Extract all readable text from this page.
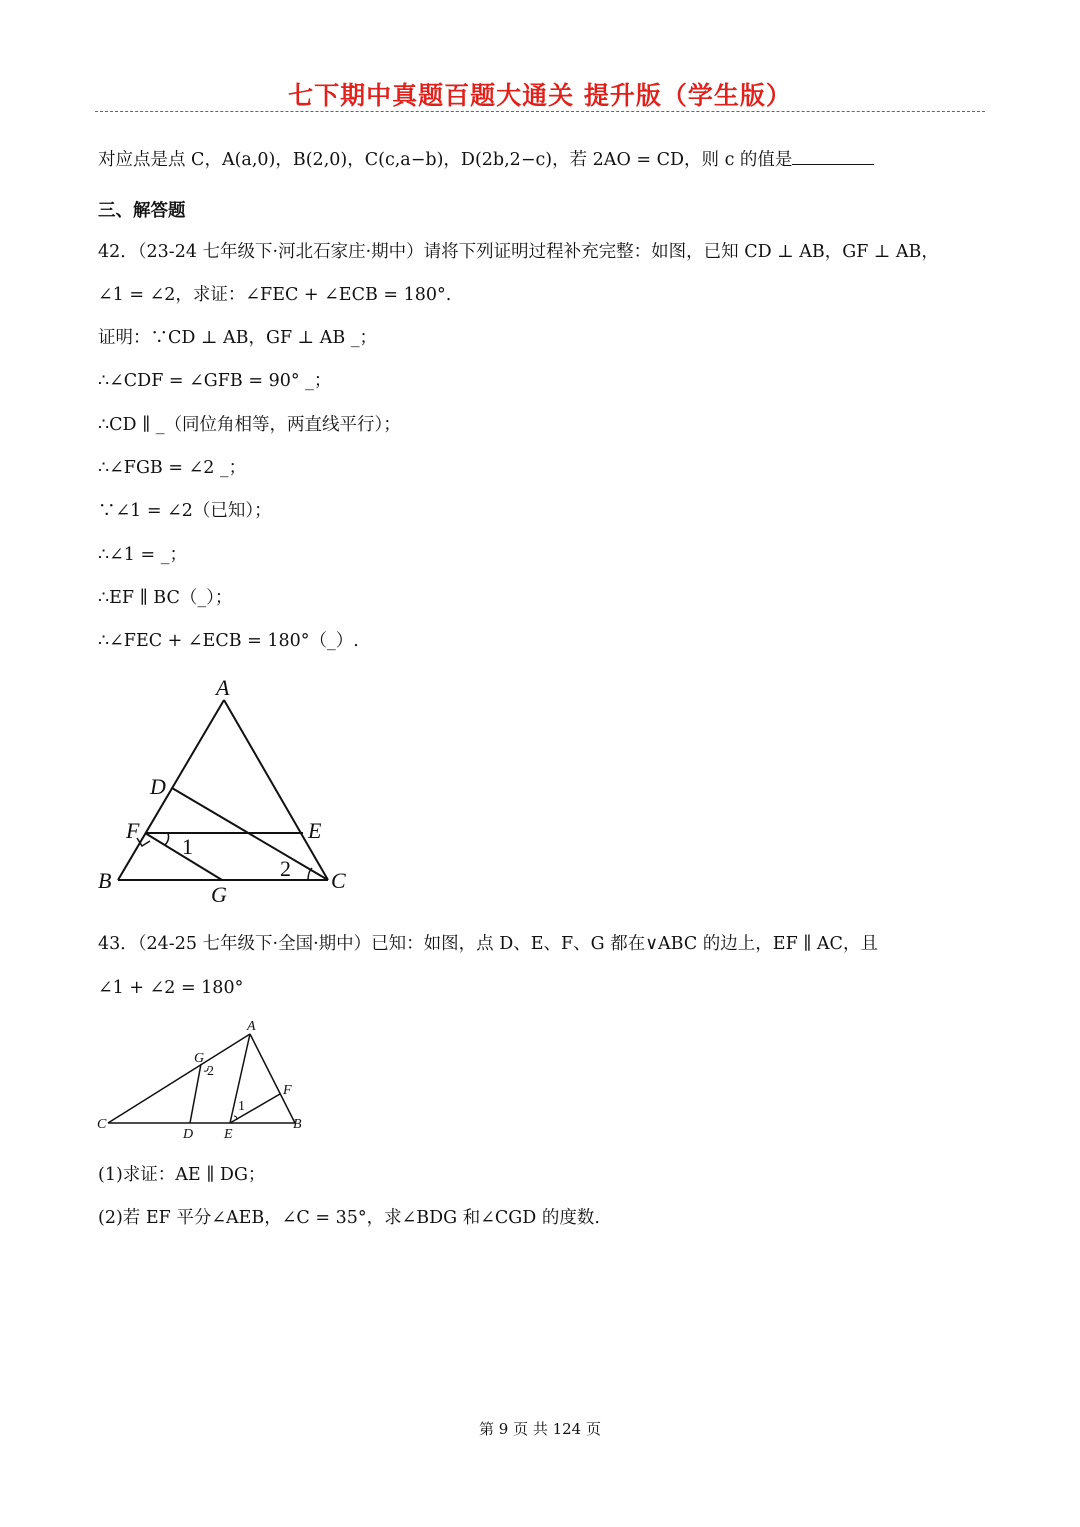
七下期中真题百题大通关 提升版（学生版）
对应点是点 C，A(a,0)，B(2,0)，C(c,a−b)，D(2b,2−c)，若 2AO = CD，则 c 的值是
三、解答题
42．（23-24 七年级下·河北石家庄·期中）请将下列证明过程补充完整：如图，已知 CD ⊥ AB，GF ⊥ AB，
∠1 = ∠2，求证：∠FEC + ∠ECB = 180°.
证明：∵CD ⊥ AB，GF ⊥ AB _；
∴∠CDF = ∠GFB = 90° _；
∴CD ∥ _（同位角相等，两直线平行）；
∴∠FGB = ∠2 _；
∵∠1 = ∠2（已知）；
∴∠1 = _；
∴EF ∥ BC（_）；
∴∠FEC + ∠ECB = 180°（_）.
A
B	C
D
E
F
G
1
2
43．（24-25 七年级下·全国·期中）已知：如图，点 D、E、F、G 都在∨ABC 的边上，EF ∥ AC，且
∠1 + ∠2 = 180°
A
C	B
D E
F
G
2
1
(1)求证：AE ∥ DG；
(2)若 EF 平分∠AEB，∠C = 35°，求∠BDG 和∠CGD 的度数.
第 9 页 共 124 页
